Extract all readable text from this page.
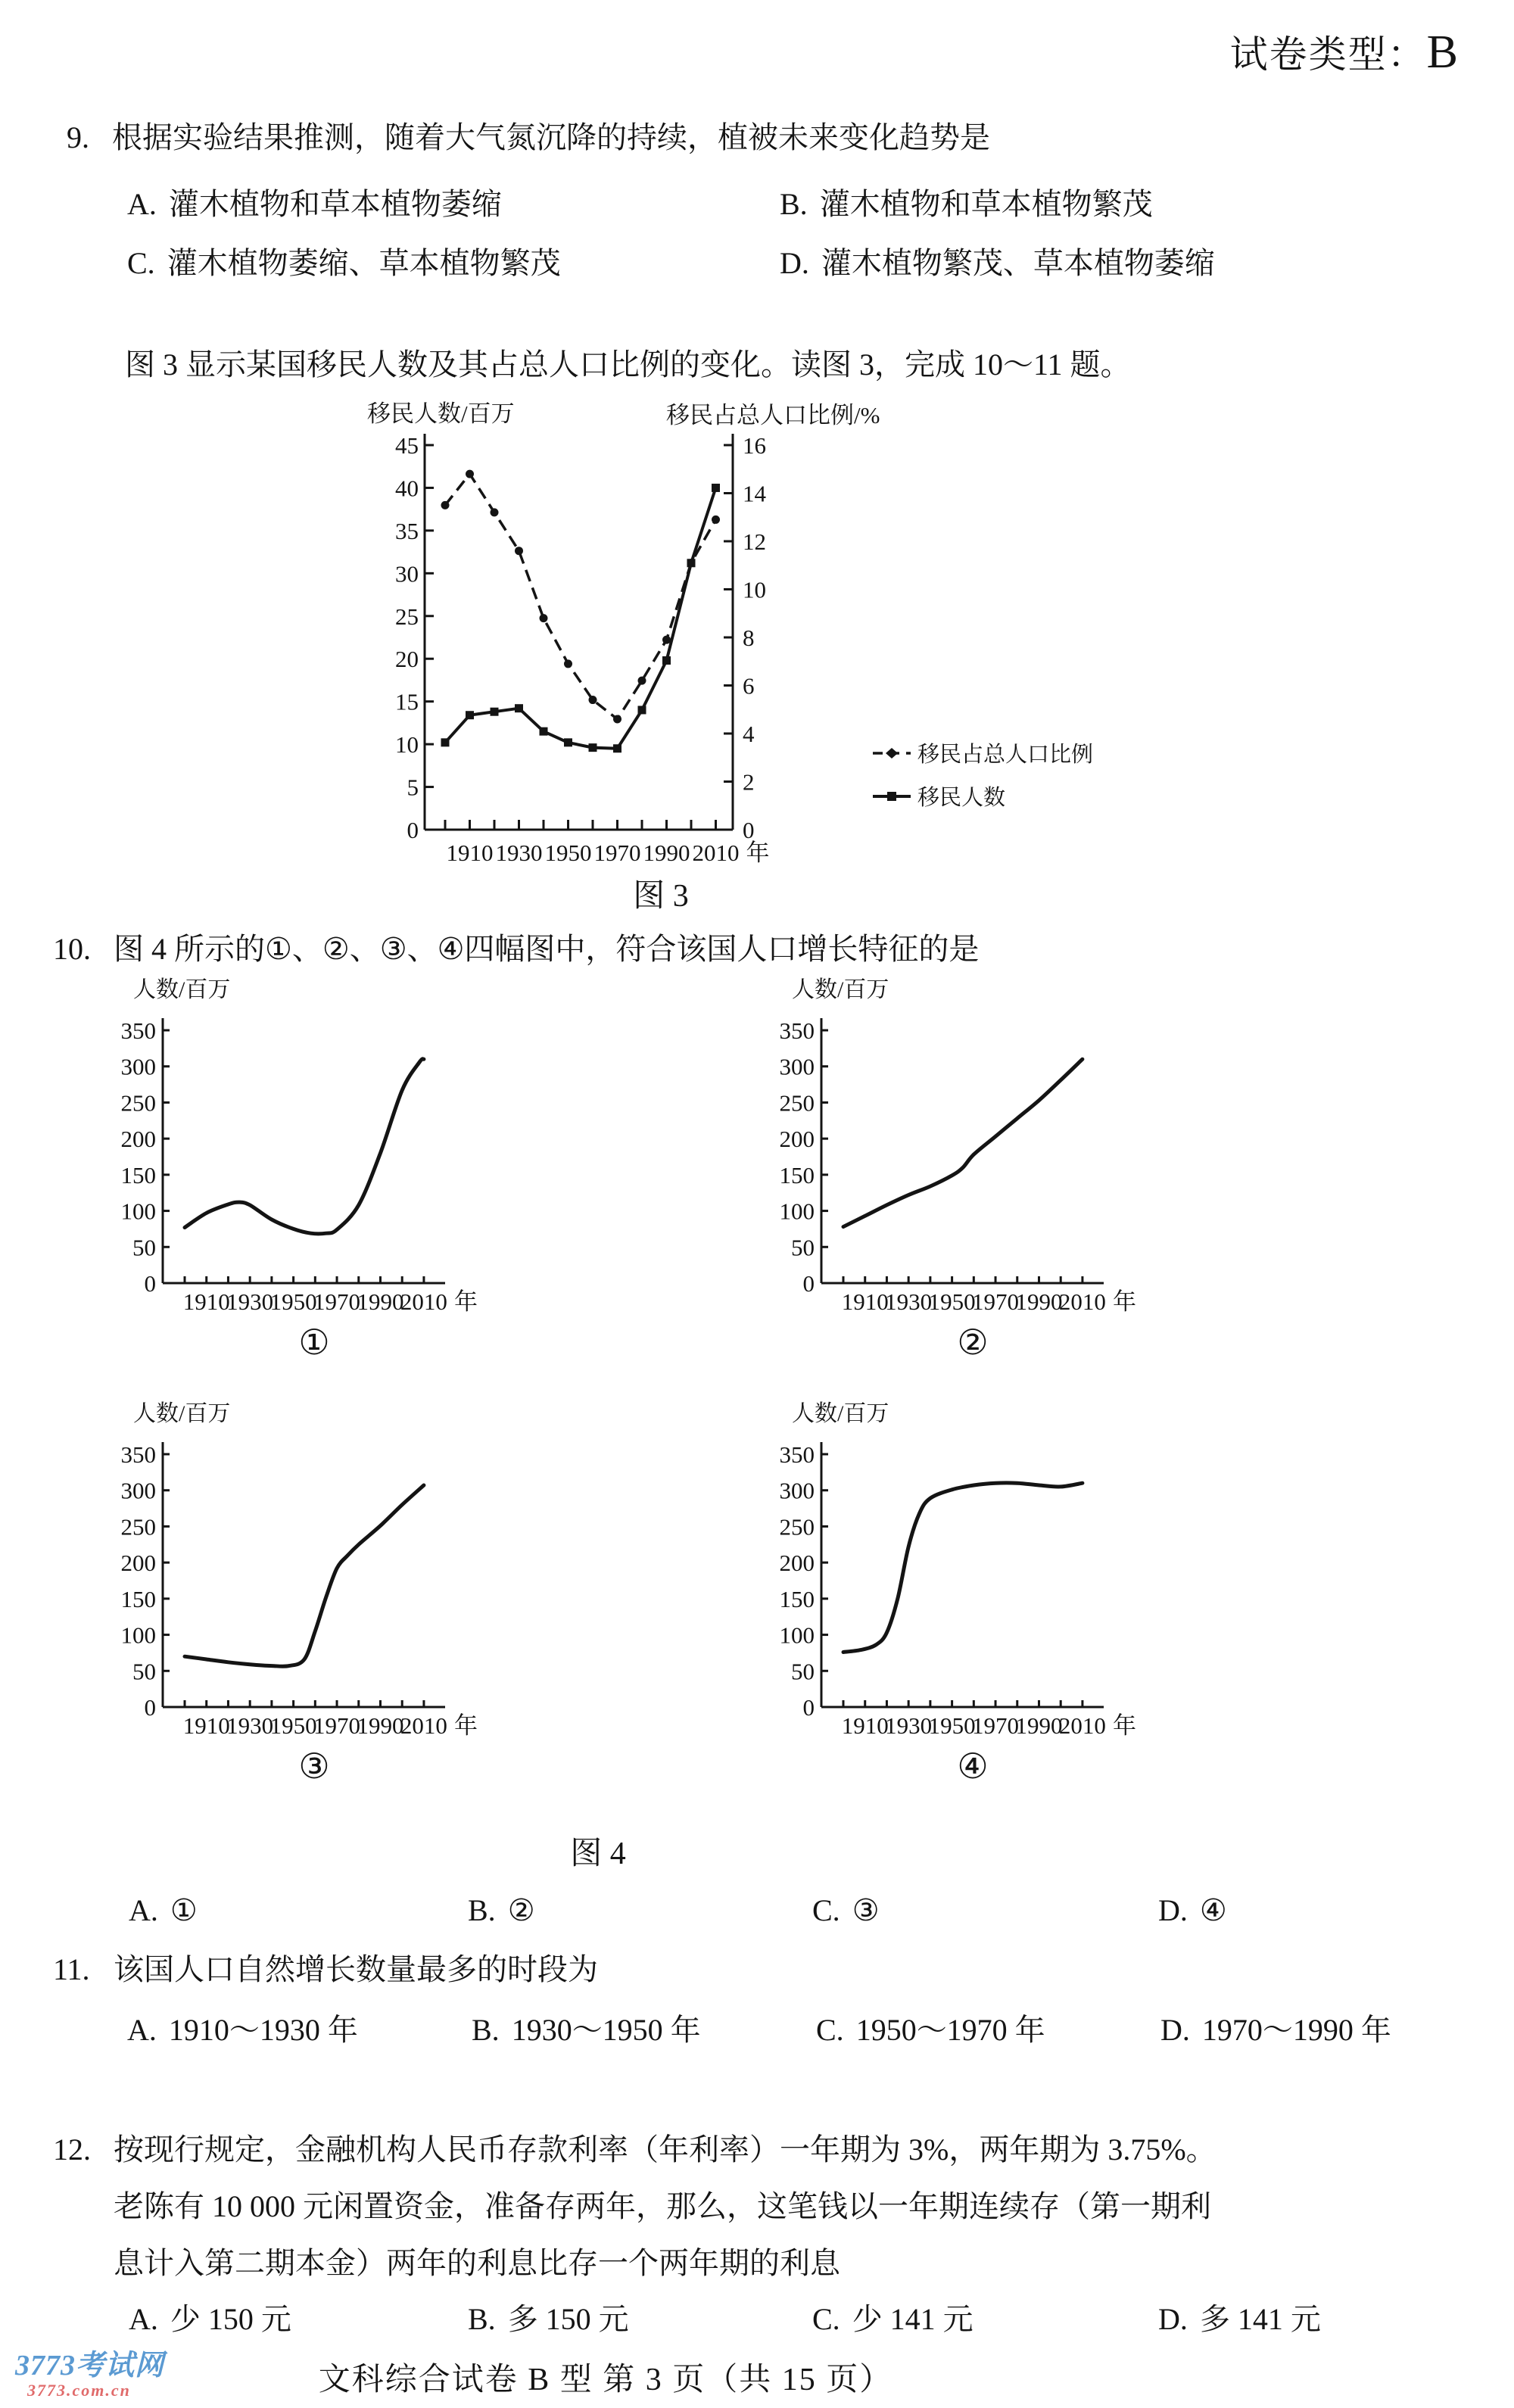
试卷类型：B
9. 根据实验结果推测，随着大气氮沉降的持续，植被未来变化趋势是
A. 灌木植物和草本植物萎缩	B. 灌木植物和草本植物繁茂
C. 灌木植物萎缩、草本植物繁茂	D. 灌木植物繁茂、草本植物萎缩
图 3 显示某国移民人数及其占总人口比例的变化。读图 3，完成 10～11 题。
移民人数/百万	移民占总人口比例/%
0
5
10
15
20
25
30
35
40
45
0
2
4
6
8
10
12
14
16
1910 1930 1950 1970 1990 2010 年
移民占总人口比例
移民人数
图 3
10. 图 4 所示的①、②、③、④四幅图中，符合该国人口增长特征的是
人数/百万
0
50
100
150
200
250
300
350
1910
1930
1950
1970
1990
2010 年
人数/百万
0
50
100
150
200
250
300
350
1910
1930
1950
1970
1990
2010 年
①	②
人数/百万
0
50
100
150
200
250
300
350
1910
1930
1950
1970
1990
2010 年
人数/百万
0
50
100
150
200
250
300
350
1910
1930
1950
1970
1990
2010 年
③	④
图 4
A. ①	B. ②	C. ③	D. ④
11. 该国人口自然增长数量最多的时段为
A. 1910～1930 年	B. 1930～1950 年	C. 1950～1970 年	D. 1970～1990 年
12. 按现行规定，金融机构人民币存款利率（年利率）一年期为 3%，两年期为 3.75%。
老陈有 10 000 元闲置资金，准备存两年，那么，这笔钱以一年期连续存（第一期利
息计入第二期本金）两年的利息比存一个两年期的利息
A. 少 150 元	B. 多 150 元	C. 少 141 元	D. 多 141 元
文科综合试卷 B 型 第 3 页（共 15 页）
3773考试网
3773.com.cn
